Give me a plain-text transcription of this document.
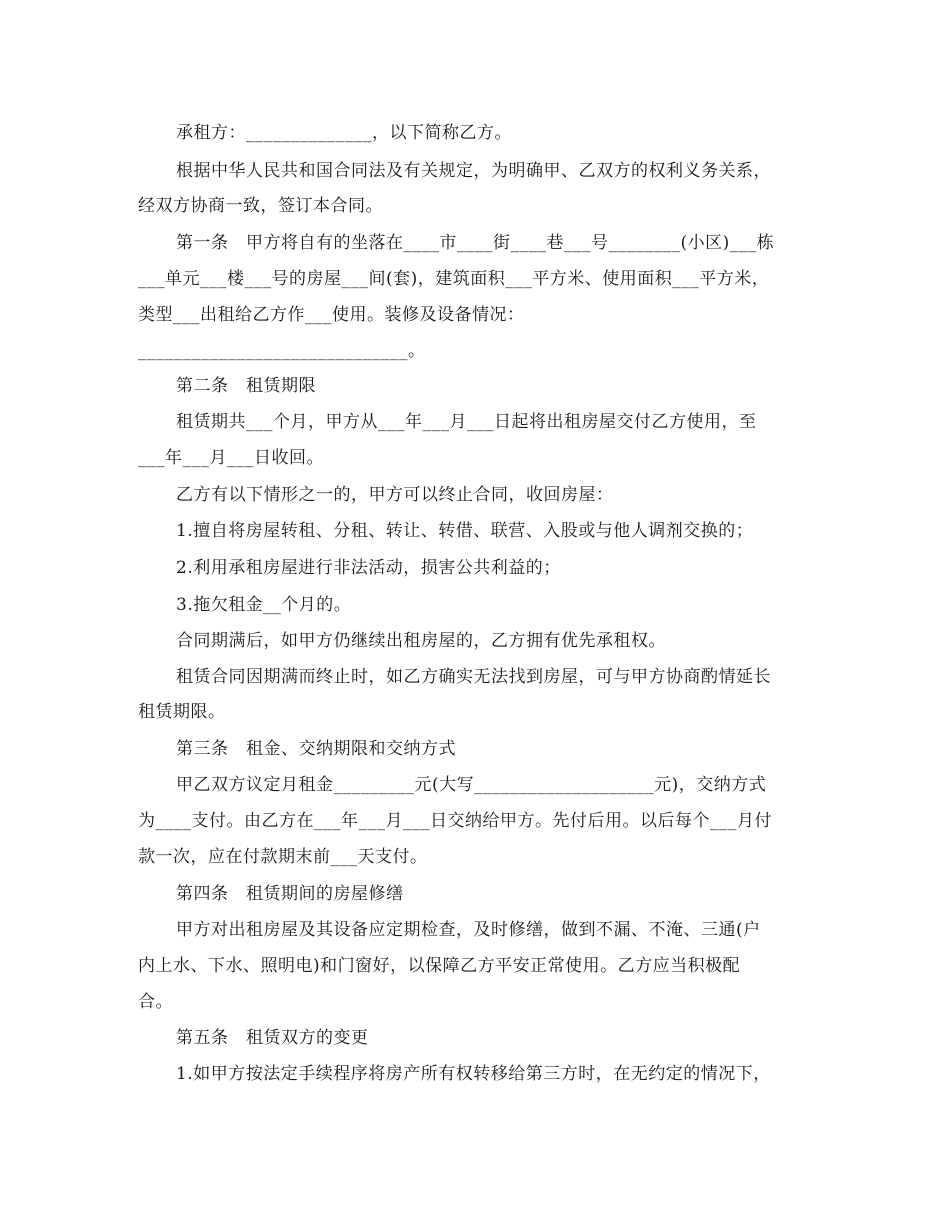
承租方：______________，以下简称乙方。
根据中华人民共和国合同法及有关规定，为明确甲、乙双方的权利义务关系，
经双方协商一致，签订本合同。
第一条　甲方将自有的坐落在____市____街____巷___号________(小区)___栋
___单元___楼___号的房屋___间(套)，建筑面积___平方米、使用面积___平方米，
类型___出租给乙方作___使用。装修及设备情况：
______________________________。
第二条　租赁期限
租赁期共___个月，甲方从___年___月___日起将出租房屋交付乙方使用，至
___年___月___日收回。
乙方有以下情形之一的，甲方可以终止合同，收回房屋：
1.擅自将房屋转租、分租、转让、转借、联营、入股或与他人调剂交换的；
2.利用承租房屋进行非法活动，损害公共利益的；
3.拖欠租金__个月的。
合同期满后，如甲方仍继续出租房屋的，乙方拥有优先承租权。
租赁合同因期满而终止时，如乙方确实无法找到房屋，可与甲方协商酌情延长
租赁期限。
第三条　租金、交纳期限和交纳方式
甲乙双方议定月租金_________元(大写____________________元)，交纳方式
为____支付。由乙方在___年___月___日交纳给甲方。先付后用。以后每个___月付
款一次，应在付款期末前___天支付。
第四条　租赁期间的房屋修缮
甲方对出租房屋及其设备应定期检查，及时修缮，做到不漏、不淹、三通(户
内上水、下水、照明电)和门窗好，以保障乙方平安正常使用。乙方应当积极配
合。
第五条　租赁双方的变更
1.如甲方按法定手续程序将房产所有权转移给第三方时，在无约定的情况下，
